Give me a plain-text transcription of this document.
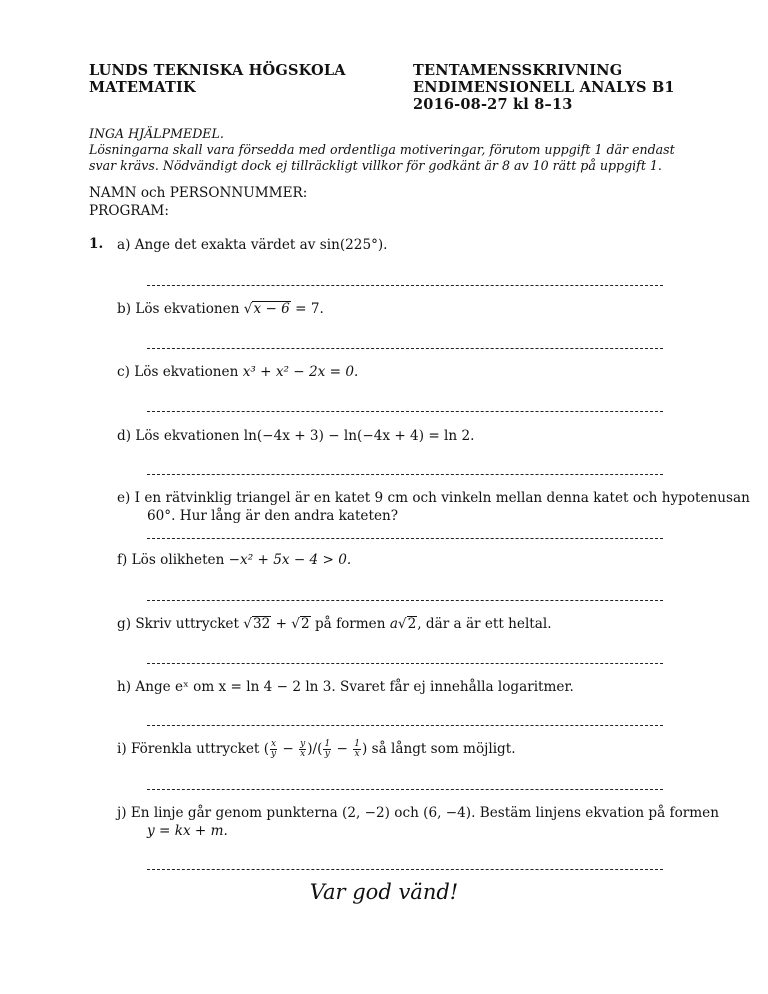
LUNDS TEKNISKA HÖGSKOLA
MATEMATIK
TENTAMENSSKRIVNING
ENDIMENSIONELL ANALYS B1
2016-08-27 kl 8–13
INGA HJÄLPMEDEL.
Lösningarna skall vara försedda med ordentliga motiveringar, förutom uppgift 1 där endast
svar krävs. Nödvändigt dock ej tillräckligt villkor för godkänt är 8 av 10 rätt på uppgift 1.
NAMN och PERSONNUMMER:
PROGRAM:
1. a) Ange det exakta värdet av sin(225°).
b) Lös ekvationen √x − 6 = 7.
c) Lös ekvationen x³ + x² − 2x = 0.
d) Lös ekvationen ln(−4x + 3) − ln(−4x + 4) = ln 2.
e) I en rätvinklig triangel är en katet 9 cm och vinkeln mellan denna katet och hypotenusan
60°. Hur lång är den andra kateten?
f) Lös olikheten −x² + 5x − 4 > 0.
g) Skriv uttrycket √32 + √2 på formen a√2, där a är ett heltal.
h) Ange eˣ om x = ln 4 − 2 ln 3. Svaret får ej innehålla logaritmer.
i) Förenkla uttrycket ( $\frac{x}{y} - \frac{y}{x}$ )/( $\frac{1}{y} - \frac{1}{x}$ ) så långt som möjligt.
j) En linje går genom punkterna (2, −2) och (6, −4). Bestäm linjens ekvation på formen
y = kx + m.
Var god vänd!
